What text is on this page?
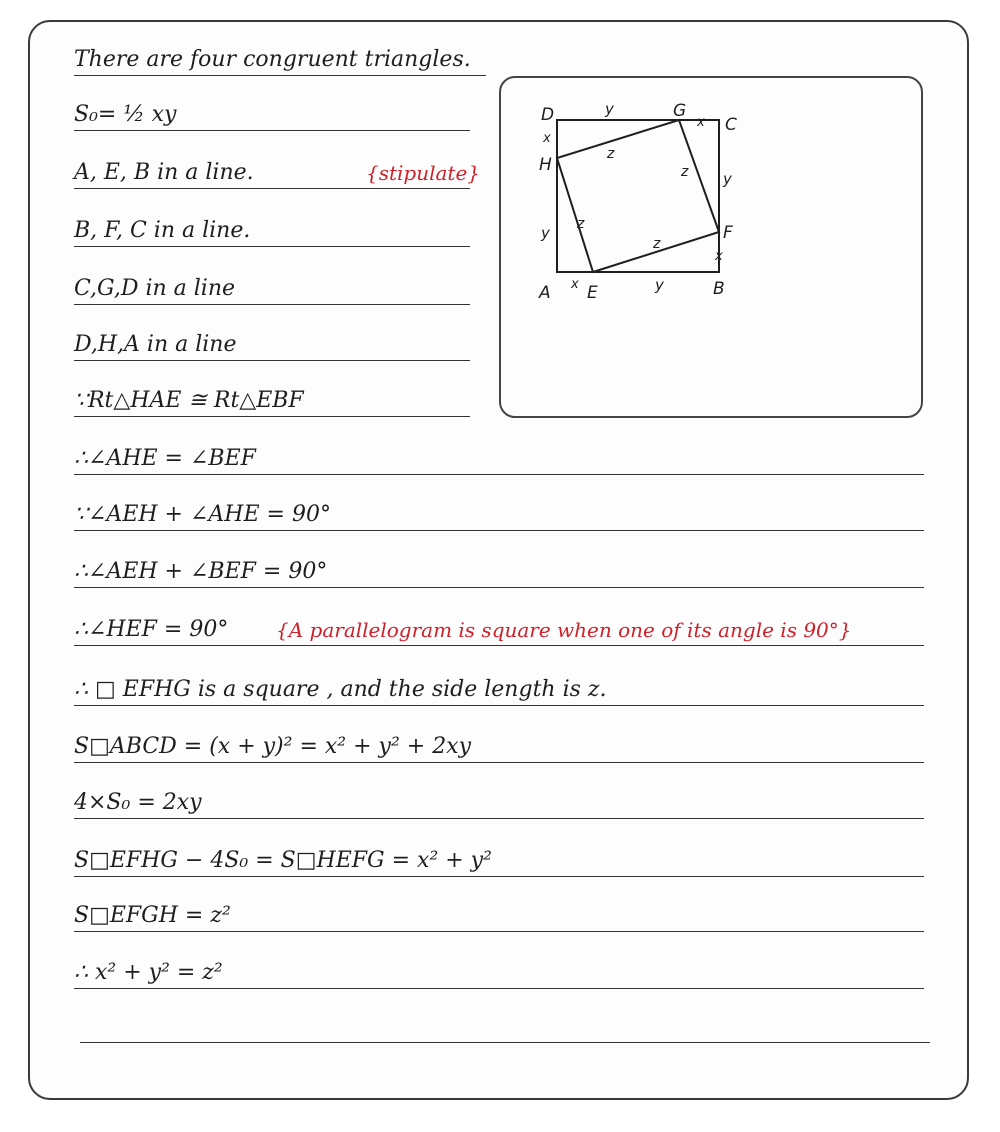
There are four congruent triangles.
S₀= ½ xy
A, E, B in a line.	{stipulate}
B, F, C in a line.
C,G,D in a line
D,H,A in a line
∵Rt△HAE ≅ Rt△EBF
∴∠AHE = ∠BEF
∵∠AEH + ∠AHE = 90°
∴∠AEH + ∠BEF = 90°
∴∠HEF = 90° {A parallelogram is square when one of its angle is 90°}
∴ □ EFHG is a square , and the side length is z.
S□ABCD = (x + y)² = x² + y² + 2xy
4×S₀ = 2xy
S□EFHG − 4S₀ = S□HEFG = x² + y²
S□EFGH = z²
∴ x² + y² = z²
D	G
C
H
F
A E	B
y
x
y
x
x	y
x
y
z
z
z
z
